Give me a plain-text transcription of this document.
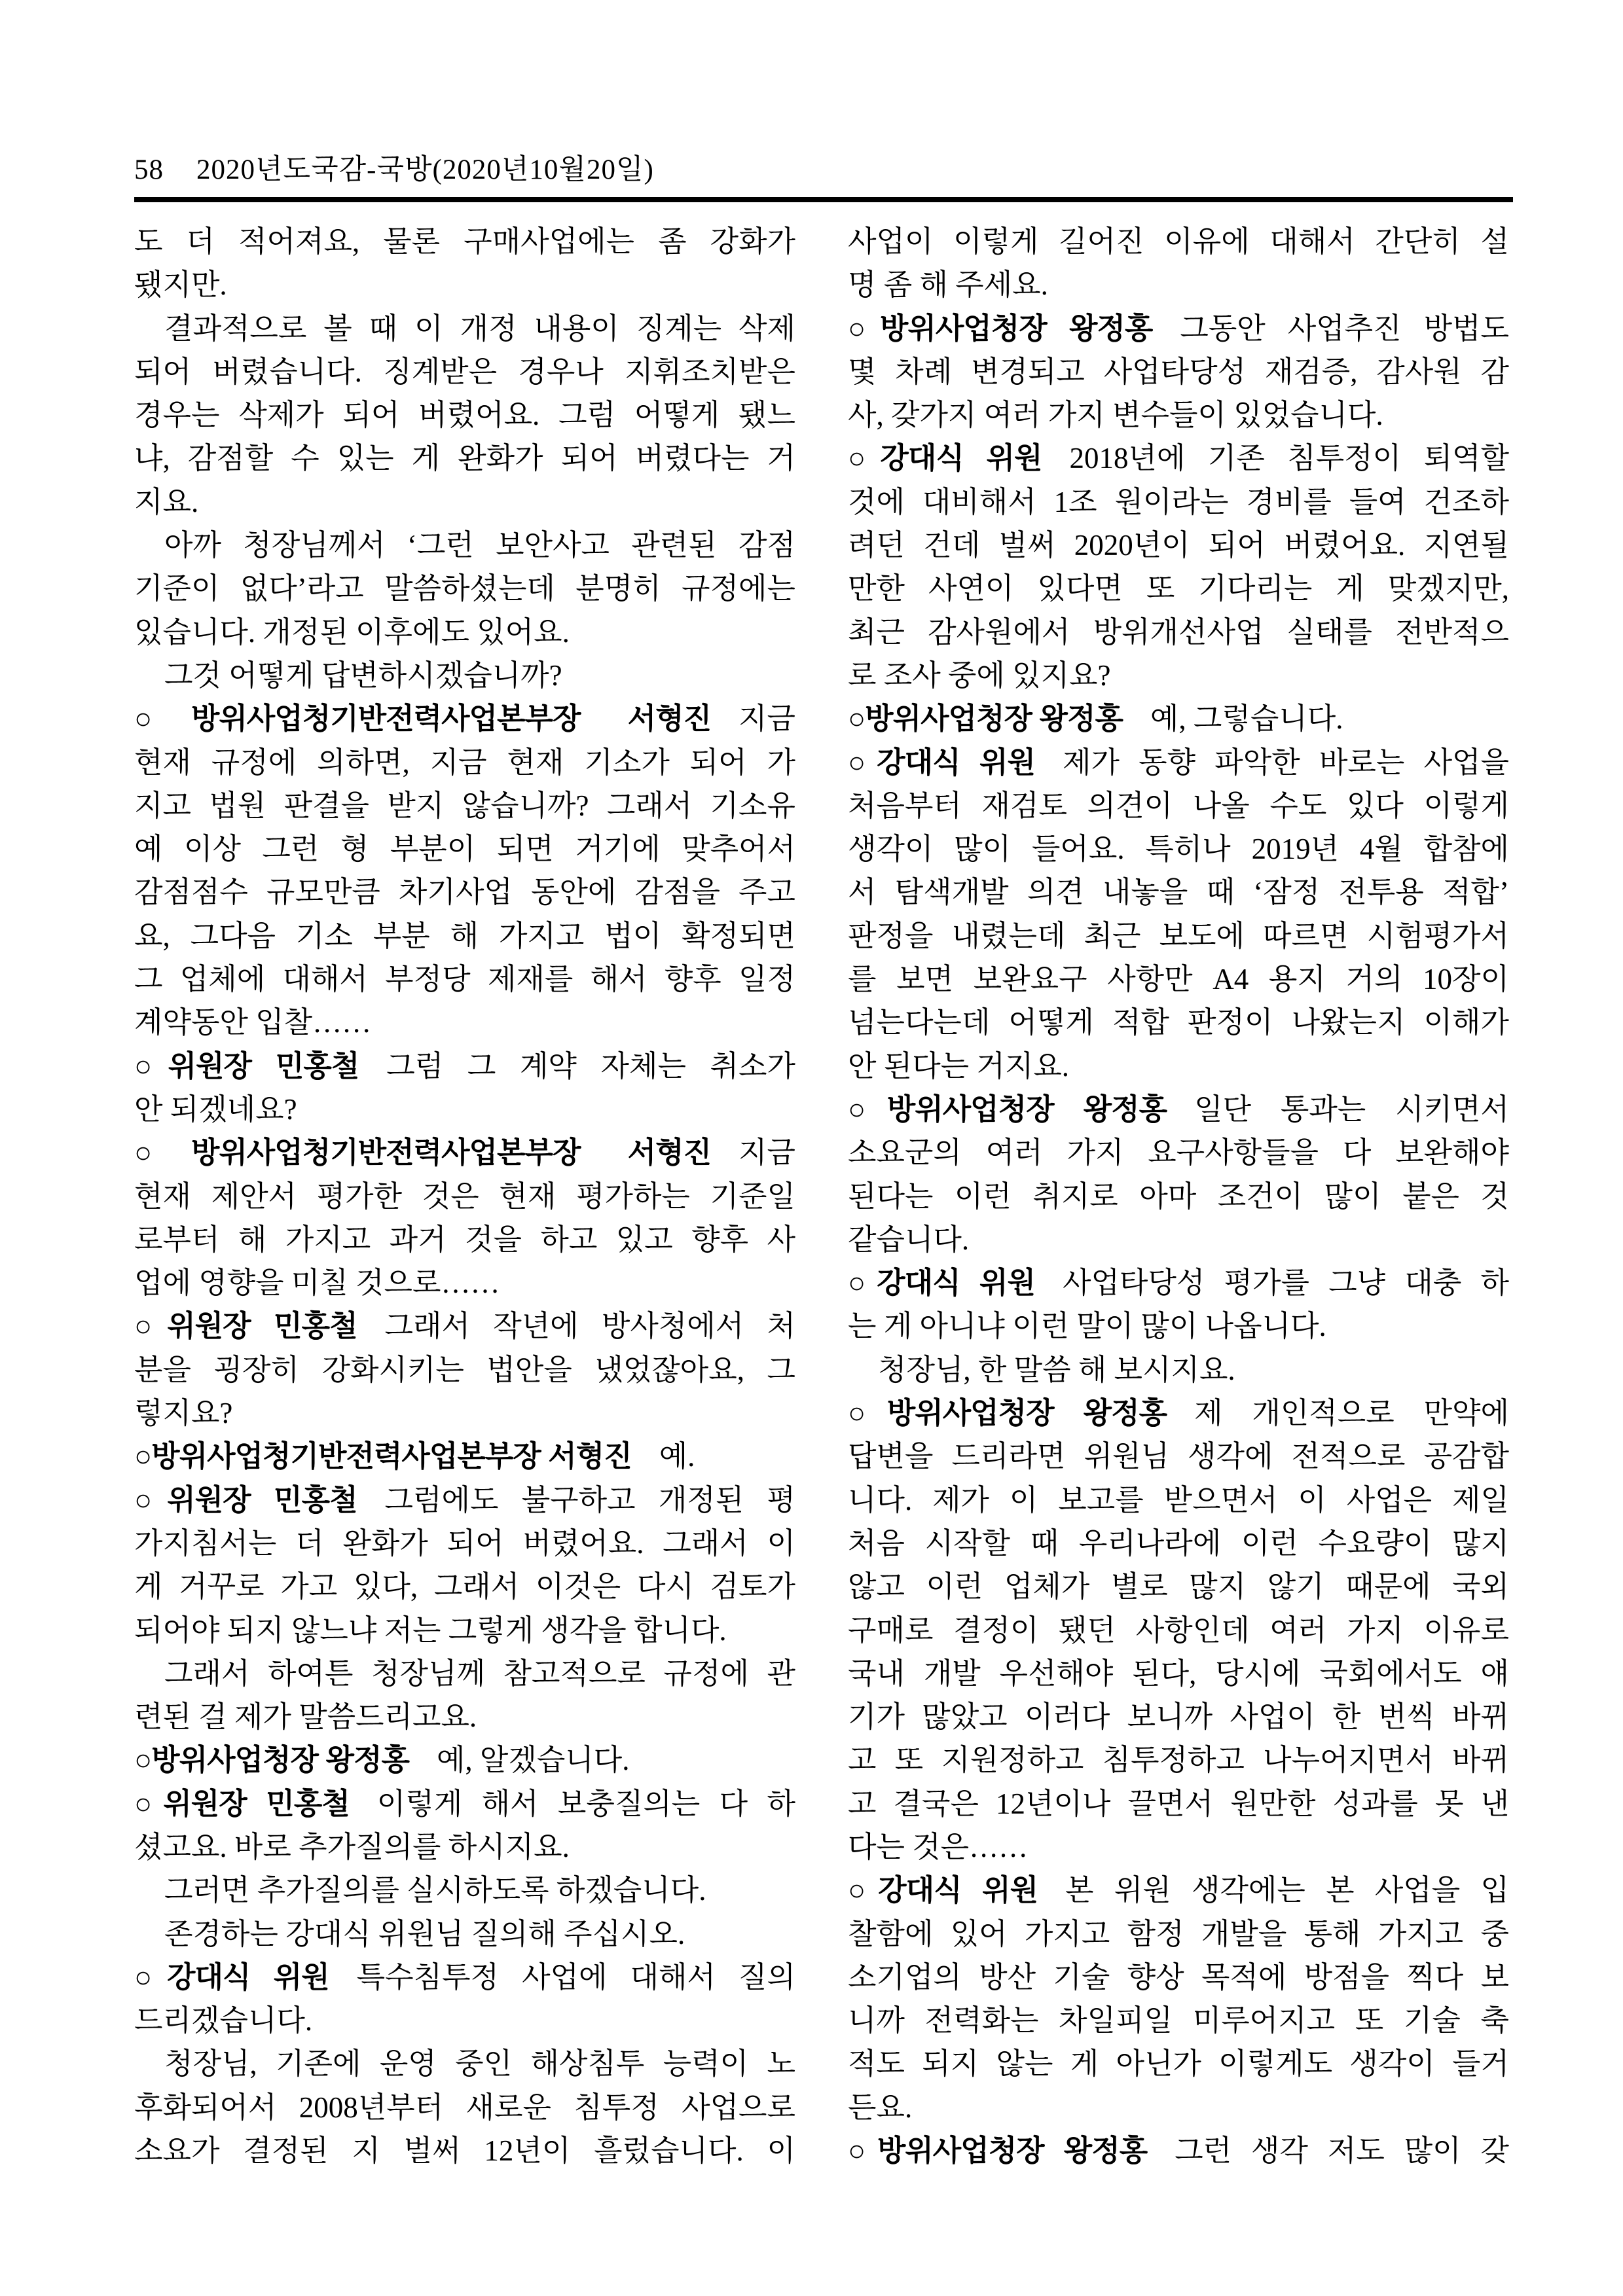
58 2020년도국감-국방(2020년10월20일)

도 더 적어져요, 물론 구매사업에는 좀 강화가

됐지만.

결과적으로 볼 때 이 개정 내용이 징계는 삭제

되어 버렸습니다. 징계받은 경우나 지휘조치받은

경우는 삭제가 되어 버렸어요. 그럼 어떻게 됐느

냐, 감점할 수 있는 게 완화가 되어 버렸다는 거

지요.

아까 청장님께서 ‘그런 보안사고 관련된 감점

기준이 없다’라고 말씀하셨는데 분명히 규정에는

있습니다. 개정된 이후에도 있어요.

그것 어떻게 답변하시겠습니까?

○방위사업청기반전력사업본부장 서형진 지금

현재 규정에 의하면, 지금 현재 기소가 되어 가

지고 법원 판결을 받지 않습니까? 그래서 기소유

예 이상 그런 형 부분이 되면 거기에 맞추어서

감점점수 규모만큼 차기사업 동안에 감점을 주고

요, 그다음 기소 부분 해 가지고 법이 확정되면

그 업체에 대해서 부정당 제재를 해서 향후 일정

계약동안 입찰……

○위원장 민홍철 그럼 그 계약 자체는 취소가

안 되겠네요?

○방위사업청기반전력사업본부장 서형진 지금

현재 제안서 평가한 것은 현재 평가하는 기준일

로부터 해 가지고 과거 것을 하고 있고 향후 사

업에 영향을 미칠 것으로……

○위원장 민홍철 그래서 작년에 방사청에서 처

분을 굉장히 강화시키는 법안을 냈었잖아요, 그

렇지요?

○방위사업청기반전력사업본부장 서형진 예.

○위원장 민홍철 그럼에도 불구하고 개정된 평

가지침서는 더 완화가 되어 버렸어요. 그래서 이

게 거꾸로 가고 있다, 그래서 이것은 다시 검토가

되어야 되지 않느냐 저는 그렇게 생각을 합니다.

그래서 하여튼 청장님께 참고적으로 규정에 관

련된 걸 제가 말씀드리고요.

○방위사업청장 왕정홍 예, 알겠습니다.

○위원장 민홍철 이렇게 해서 보충질의는 다 하

셨고요. 바로 추가질의를 하시지요.

그러면 추가질의를 실시하도록 하겠습니다.

존경하는 강대식 위원님 질의해 주십시오.

○강대식 위원 특수침투정 사업에 대해서 질의

드리겠습니다.

청장님, 기존에 운영 중인 해상침투 능력이 노

후화되어서 2008년부터 새로운 침투정 사업으로

소요가 결정된 지 벌써 12년이 흘렀습니다. 이

사업이 이렇게 길어진 이유에 대해서 간단히 설

명 좀 해 주세요.

○방위사업청장 왕정홍 그동안 사업추진 방법도

몇 차례 변경되고 사업타당성 재검증, 감사원 감

사, 갖가지 여러 가지 변수들이 있었습니다.

○강대식 위원 2018년에 기존 침투정이 퇴역할

것에 대비해서 1조 원이라는 경비를 들여 건조하

려던 건데 벌써 2020년이 되어 버렸어요. 지연될

만한 사연이 있다면 또 기다리는 게 맞겠지만,

최근 감사원에서 방위개선사업 실태를 전반적으

로 조사 중에 있지요?

○방위사업청장 왕정홍 예, 그렇습니다.

○강대식 위원 제가 동향 파악한 바로는 사업을

처음부터 재검토 의견이 나올 수도 있다 이렇게

생각이 많이 들어요. 특히나 2019년 4월 합참에

서 탐색개발 의견 내놓을 때 ‘잠정 전투용 적합’

판정을 내렸는데 최근 보도에 따르면 시험평가서

를 보면 보완요구 사항만 A4 용지 거의 10장이

넘는다는데 어떻게 적합 판정이 나왔는지 이해가

안 된다는 거지요.

○방위사업청장 왕정홍 일단 통과는 시키면서

소요군의 여러 가지 요구사항들을 다 보완해야

된다는 이런 취지로 아마 조건이 많이 붙은 것

같습니다.

○강대식 위원 사업타당성 평가를 그냥 대충 하

는 게 아니냐 이런 말이 많이 나옵니다.

청장님, 한 말씀 해 보시지요.

○방위사업청장 왕정홍 제 개인적으로 만약에

답변을 드리라면 위원님 생각에 전적으로 공감합

니다. 제가 이 보고를 받으면서 이 사업은 제일

처음 시작할 때 우리나라에 이런 수요량이 많지

않고 이런 업체가 별로 많지 않기 때문에 국외

구매로 결정이 됐던 사항인데 여러 가지 이유로

국내 개발 우선해야 된다, 당시에 국회에서도 얘

기가 많았고 이러다 보니까 사업이 한 번씩 바뀌

고 또 지원정하고 침투정하고 나누어지면서 바뀌

고 결국은 12년이나 끌면서 원만한 성과를 못 낸

다는 것은……

○강대식 위원 본 위원 생각에는 본 사업을 입

찰함에 있어 가지고 함정 개발을 통해 가지고 중

소기업의 방산 기술 향상 목적에 방점을 찍다 보

니까 전력화는 차일피일 미루어지고 또 기술 축

적도 되지 않는 게 아닌가 이렇게도 생각이 들거

든요.

○방위사업청장 왕정홍 그런 생각 저도 많이 갖
